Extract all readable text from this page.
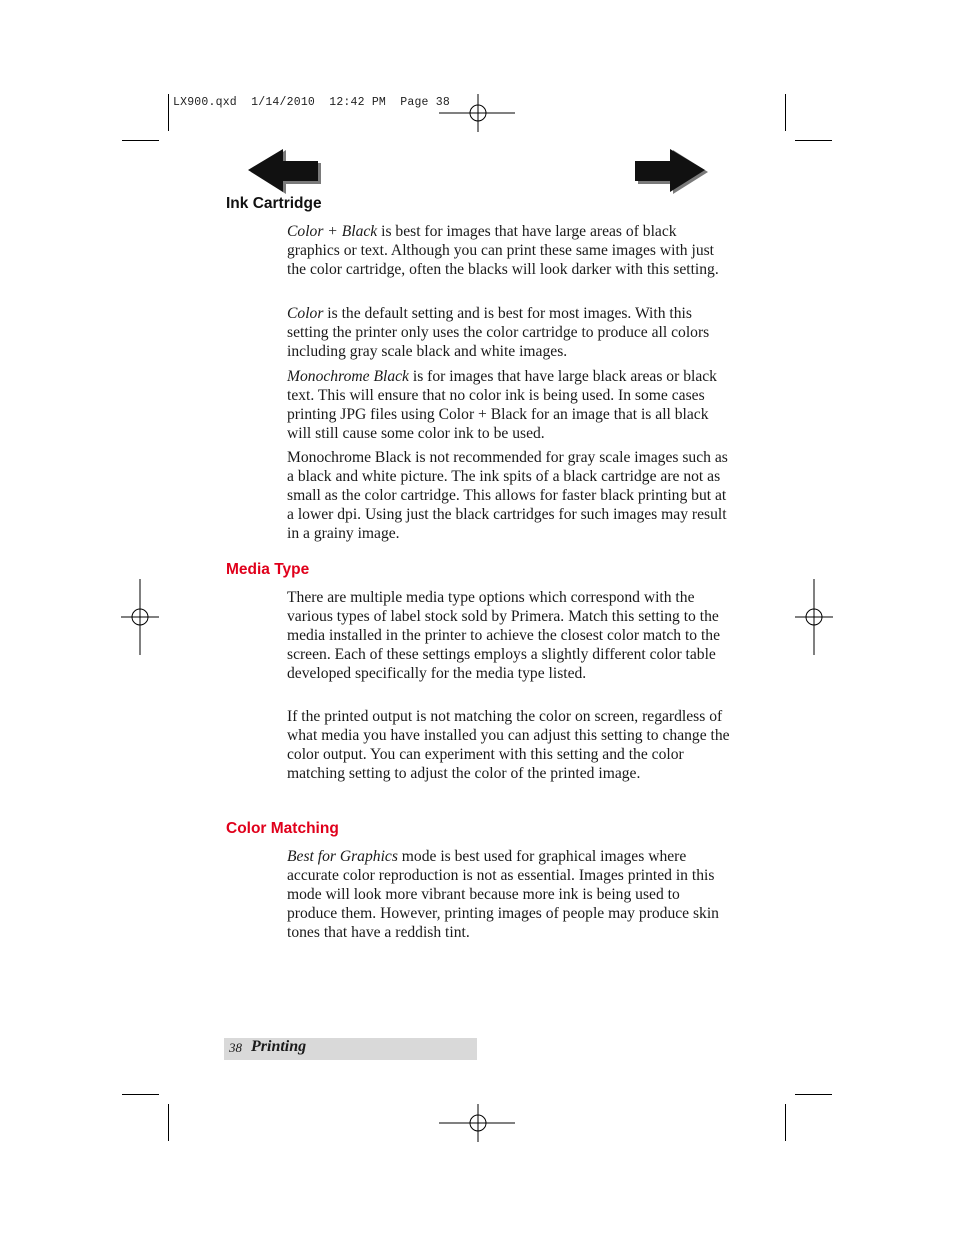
LX900.qxd  1/14/2010  12:42 PM  Page 38
Ink Cartridge

Color + Black is best for images that have large areas of black graphics or text. Although you can print these same images with just the color cartridge, often the blacks will look darker with this setting.

Color is the default setting and is best for most images. With this setting the printer only uses the color cartridge to produce all colors including gray scale black and white images.

Monochrome Black is for images that have large black areas or black text. This will ensure that no color ink is being used. In some cases printing JPG files using Color + Black for an image that is all black will still cause some color ink to be used.

Monochrome Black is not recommended for gray scale images such as a black and white picture. The ink spits of a black cartridge are not as small as the color cartridge. This allows for faster black printing but at a lower dpi. Using just the black cartridges for such images may result in a grainy image.

Media Type

There are multiple media type options which correspond with the various types of label stock sold by Primera. Match this setting to the media installed in the printer to achieve the closest color match to the screen. Each of these settings employs a slightly different color table developed specifically for the media type listed.

If the printed output is not matching the color on screen, regardless of what media you have installed you can adjust this setting to change the color output. You can experiment with this setting and the color matching setting to adjust the color of the printed image.

Color Matching

Best for Graphics mode is best used for graphical images where accurate color reproduction is not as essential. Images printed in this mode will look more vibrant because more ink is being used to produce them. However, printing images of people may produce skin tones that have a reddish tint.

38 Printing
